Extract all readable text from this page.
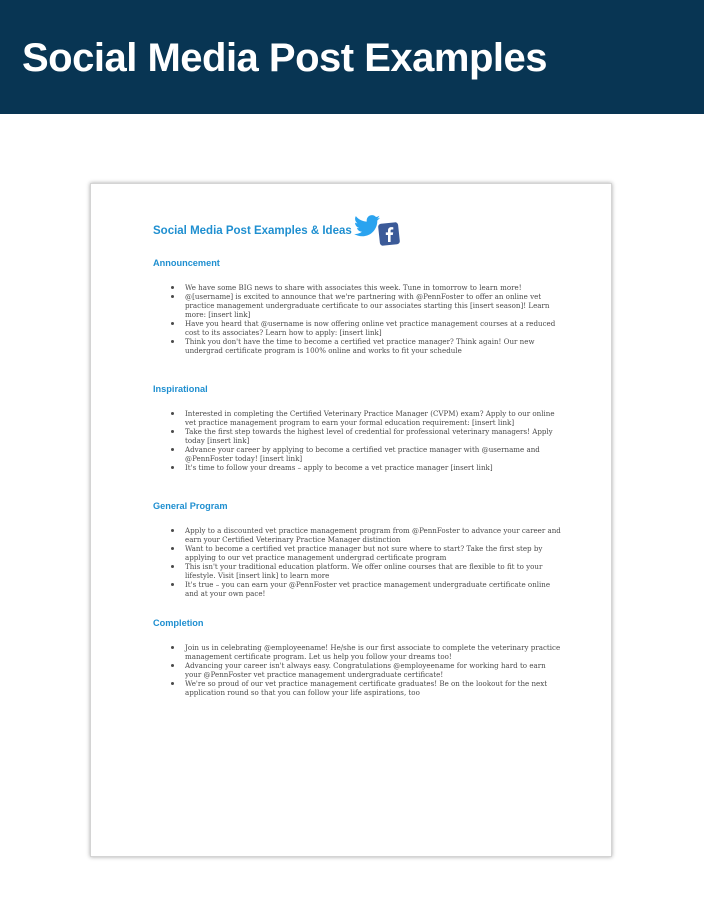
Social Media Post Examples
Social Media Post Examples & Ideas
Announcement
We have some BIG news to share with associates this week. Tune in tomorrow to learn more!
@[username] is excited to announce that we're partnering with @PennFoster to offer an online vet practice management undergraduate certificate to our associates starting this [insert season]! Learn more: [insert link]
Have you heard that @username is now offering online vet practice management courses at a reduced cost to its associates? Learn how to apply: [insert link]
Think you don't have the time to become a certified vet practice manager? Think again! Our new undergrad certificate program is 100% online and works to fit your schedule
Inspirational
Interested in completing the Certified Veterinary Practice Manager (CVPM) exam? Apply to our online vet practice management program to earn your formal education requirement: [insert link]
Take the first step towards the highest level of credential for professional veterinary managers! Apply today [insert link]
Advance your career by applying to become a certified vet practice manager with @username and @PennFoster today! [insert link]
It's time to follow your dreams – apply to become a vet practice manager [insert link]
General Program
Apply to a discounted vet practice management program from @PennFoster to advance your career and earn your Certified Veterinary Practice Manager distinction
Want to become a certified vet practice manager but not sure where to start? Take the first step by applying to our vet practice management undergrad certificate program
This isn't your traditional education platform. We offer online courses that are flexible to fit to your lifestyle. Visit [insert link] to learn more
It's true – you can earn your @PennFoster vet practice management undergraduate certificate online and at your own pace!
Completion
Join us in celebrating @employeename! He/she is our first associate to complete the veterinary practice management certificate program. Let us help you follow your dreams too!
Advancing your career isn't always easy. Congratulations @employeename for working hard to earn your @PennFoster vet practice management undergraduate certificate!
We're so proud of our vet practice management certificate graduates! Be on the lookout for the next application round so that you can follow your life aspirations, too
